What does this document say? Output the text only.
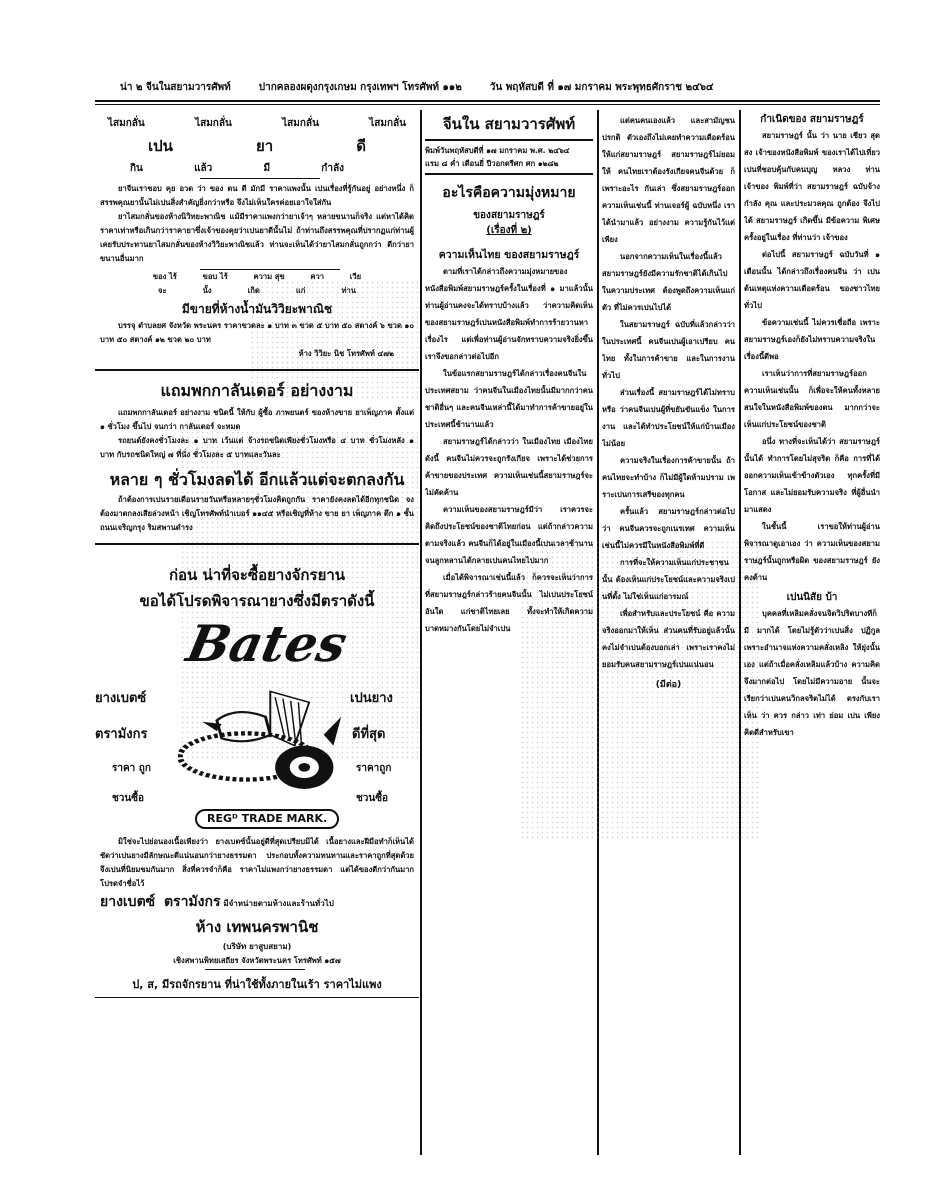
น่า ๒ จีนในสยามวารศัพท์	ปากคลองผดุงกรุงเกษม กรุงเทพฯ โทรศัพท์ ๑๑๒	วัน พฤหัสบดี ที่ ๑๗ มกราคม พระพุทธศักราช ๒๔๖๔
ไสมกลั่น	ไสมกลั่น	ไสมกลั่น	ไสมกลั่น
เปน	ยา	ดี
กิน	แล้ว	มี	กำลัง

ยาจีนเราชอบ คุย อวด ว่า ของ ตน ดี มักมี ราคาแพงนั้น เปนเรื่องที่รู้กันอยู่ อย่างหนึ่ง ก็สรรพคุณยานั้นไม่เปนสิ่งสำคัญยิ่งกว่าหรือ จึงไม่เห็นใครค่อยเอาใจใส่กัน

ยาไสมกลั่นของห้างนิวิทยะพาณิช แม้มีราคาแพงกว่ายาเจ้าๆ หลายขนานก็จริง แต่หาได้คิดราคาเท่าหรือเกินกว่าราคายาซึ่งเจ้าของคุยว่าเปนยาดีนั้นไม่ ถ้าท่านถึงสรรพคุณที่ปรากฏแก่ท่านผู้เคยรับประทานยาไสมกลั่นของห้างวิวิยะพาณิชแล้ว ท่านจะเห็นได้ว่ายาไสมกลั่นถูกกว่า ดีกว่ายาขนานอื่นมาก

ของ ไร้	ขอบ ไร้	ความ สุข	ควา	เวีย
จะ	นั้ง	เกิด	แก่	ท่าน
มีขายที่ห้างน้ำมันวิวิยะพาณิช
บรรจุ ตำบลยศ จังหวัด พระนคร ราคาขวดละ ๑ บาท ๓ ขวด ๕ บาท ๕๐ สตางค์ ๖ ขวด ๑๐ บาท ๕๐ สตางค์ ๑๒ ขวด ๒๐ บาท
ห้าง วิวิยะ นิช โทรศัพท์ ๔๗๒
แถมพกกาลันเดอร์ อย่างงาม

แถมพกกาลันเดอร์ อย่างงาม ชนิดนี้ ให้กับ ผู้ซื้อ ภาพยนตร์ ของห้างขาย ยาเพ็ญภาค ตั้งแต่ ๑ ชั่วโมง ขึ้นไป จนกว่า กาลันเดอร์ จะหมด

รถยนต์ยังคงชั่วโมงละ ๑ บาท เว้นแต่ จ้างรถชนิดเพียงชั่วโมงหรือ ๔ บาท ชั่วโมงหลัง ๑ บาท กับรถชนิดใหญ่ ๗ ที่นั่ง ชั่วโมงละ ๕ บาทและวันละ

หลาย ๆ ชั่วโมงลดได้ อีกแล้วแต่จะตกลงกัน
ถ้าต้องการเปนรายเดือนรายวันหรือหลายๆชั่วโมงคิดถูกกัน ราคายังคงลดได้อีกทุกชนิด จงต้องมาตกลงเสียล่วงหน้า เชิญโทรศัพท์นำเบอร์ ๑๑๔๕ หรือเชิญที่ห้าง ขาย ยา เพ็ญภาค ตึก ๑ ชั้น ถนนเจริญกรุง ริมสพานดำรง
ก่อน น่าที่จะซื้อยางจักรยาน
ขอได้โปรดพิจารณายางซึ่งมีตราดังนี้
Bates
ยางเบตซ์
ตรามังกร
ราคา ถูก
ชวนซื้อ
เปนยาง
ดีที่สุด
ราคาถูก
ชวนซื้อ
REGᴰ TRADE MARK.
มิใช่จะไปย่อนองเนื้อเพียงว่า ยางเบตซ์นั้นอยู่ดีที่สุดเปรียบมิได้ เนื้อยางและฝีมือทำก็เห็นได้ชัดว่าเปนยางมีลักษณะดีแน่นอนกว่ายางธรรมดา ประกอบทั้งความทนทานและราคาถูกที่สุดด้วย จึงเปนที่นิยมชมกันมาก สิ่งที่ควรจำก็คือ ราคาไม่แพงกว่ายางธรรมดา แต่ได้ของดีกว่ากันมาก โปรดจำชื่อไว้
ยางเบตซ์ ตรามังกร มีจำหน่ายตามห้างและร้านทั่วไป
ห้าง เทพนครพานิช
(บริษัท ยาสูบสยาม)
เชิงสพานพิทยเสถียร จังหวัดพระนคร โทรศัพท์ ๑๕๗
ป, ส, มีรถจักรยาน ที่น่าใช้ทั้งภายในเร้า ราคาไม่แพง
จีนใน สยามวารศัพท์
พิมพ์วันพฤหัสบดีที่ ๑๗ มกราคม พ.ศ. ๒๔๖๔
แรม ๘ ค่ำ เดือนยี่ ปีวอกตรีศก ศก ๑๒๘๒
อะไรคือความมุ่งหมาย
ของสยามราษฎร์
(เรื่องที่ ๒)
ความเห็นไทย ของสยามราษฎร์

ตามที่เราได้กล่าวถึงความมุ่งหมายของหนังสือพิมพ์สยามราษฎร์ครั้งในเรื่องที่ ๑ มาแล้วนั้น ท่านผู้อ่านคงจะได้ทราบบ้างแล้ว ว่าความคิดเห็นของสยามราษฎร์เปนหนังสือพิมพ์ทำการร้ายวานหาเรื่องไร แต่เพื่อท่านผู้อ่านจักทราบความจริงยิ่งขึ้น เราจึงขอกล่าวต่อไปอีก

ในข้อแรกสยามราษฎร์ได้กล่าวเรื่องคนจีนในประเทศสยาม ว่าคนจีนในเมืองไทยนั้นมีมากกว่าคนชาติอื่นๆ และคนจีนเหล่านี้ได้มาทำการค้าขายอยู่ในประเทศนี้ช้านานแล้ว

สยามราษฎร์ได้กล่าวว่า ในเมืองไทย เมืองไทย ดังนี้ คนจีนไม่ควรจะถูกรังเกียจ เพราะได้ช่วยการค้าขายของประเทศ ความเห็นเช่นนี้สยามราษฎร์จะไม่คัดค้าน

ความเห็นของสยามราษฎร์มีว่า เราควรจะคิดถึงประโยชน์ของชาติไทยก่อน แต่ถ้ากล่าวความตามจริงแล้ว คนจีนก็ได้อยู่ในเมืองนี้เปนเวลาช้านาน จนลูกหลานได้กลายเปนคนไทยไปมาก

เมื่อได้พิจารณาเช่นนี้แล้ว ก็ควรจะเห็นว่าการที่สยามราษฎร์กล่าวร้ายคนจีนนั้น ไม่เปนประโยชน์อันใด แก่ชาติไทยเลย ทั้งจะทำให้เกิดความบาดหมางกันโดยไม่จำเปน

แต่คนคนเองแล้ว และสามัญชนปรกติ ตัวเองถึงไม่เคยทำความเดือดร้อนให้แก่สยามราษฎร์ สยามราษฎร์ไม่ยอมให้ คนไทยเราต้องรังเกียจคนจีนด้วย ก็เพราะอะไร กันเล่า ซึ่งสยามราษฎร์ออกความเห็นเช่นนี้ ท่านเจอร์ผู้ ฉบับหนึ่ง เราได้นำมาแล้ว อย่างงาม ความรู้กันไว้แต่เพียง

นอกจากความเห็นในเรื่องนี้แล้ว สยามราษฎร์ยังมีความรักชาติได้เกินไป ในความประเทศ ต้องพูดถึงความเห็นแก่ตัว ที่ไม่ควรเปนไปได้

ในสยามราษฎร์ ฉบับที่แล้วกล่าวว่า ในประเทศนี้ คนจีนเปนผู้เอาเปรียบ คนไทย ทั้งในการค้าขาย และในการงานทั่วไป

ส่วนเรื่องนี้ สยามราษฎร์ได้ไม่ทราบหรือ ว่าคนจีนเปนผู้ที่ขยันขันแข็ง ในการงาน และได้ทำประโยชน์ให้แก่บ้านเมืองไม่น้อย

ความจริงในเรื่องการค้าขายนั้น ถ้าคนไทยจะทำบ้าง ก็ไม่มีผู้ใดห้ามปราม เพราะเปนการเสรีของทุกคน

ครั้นแล้ว สยามราษฎร์กล่าวต่อไปว่า คนจีนควรจะถูกเนรเทศ ความเห็นเช่นนี้ไม่ควรมีในหนังสือพิมพ์ที่ดี

การที่จะให้ความเห็นแก่ประชาชนนั้น ต้องเห็นแก่ประโยชน์และความจริงเปนที่ตั้ง ไม่ใช่เห็นแก่อารมณ์

เพื่อสำหรับและประโยชน์ คือ ความจริงออกมาให้เห็น ส่วนคนที่รับอยู่แล้วนั้น คงไม่จำเปนต้องบอกเล่า เพราะเราคงไม่ยอมรับคนสยามราษฎร์เปนแน่นอน

(มีต่อ)
กำเนิดของ สยามราษฎร์

สยามราษฎร์ นั้น ว่า นาย เชียว สุดสง เจ้าของหนังสือพิมพ์ ของเราได้ไปเที่ยวเปนที่ชอบคุ้นกับคนบุญ หลวง ท่าน เจ้าของ พิมพ์ที่ว่า สยามราษฎร์ ฉบับจ้าง กำลัง คุณ และประมวลคุณ ถูกต้อง จึงไปได้ สยามราษฎร์ เกิดขึ้น มีข้อความ พิเศษ ครั้งอยู่ในเรื่อง ที่ท่านว่า เจ้าของ

ต่อไปนี้ สยามราษฎร์ ฉบับวันที่ ๑ เดือนนั้น ได้กล่าวถึงเรื่องคนจีน ว่า เปนต้นเหตุแห่งความเดือดร้อน ของชาวไทยทั่วไป

ข้อความเช่นนี้ ไม่ควรเชื่อถือ เพราะสยามราษฎร์เองก็ยังไม่ทราบความจริงในเรื่องนี้ดีพอ

เราเห็นว่าการที่สยามราษฎร์ออกความเห็นเช่นนั้น ก็เพื่อจะให้คนทั้งหลายสนใจในหนังสือพิมพ์ของตน มากกว่าจะเห็นแก่ประโยชน์ของชาติ

อนึ่ง ทางที่จะเห็นได้ว่า สยามราษฎร์ นั้นได้ ทำการโดยไม่สุจริต ก็คือ การที่ได้ออกความเห็นเข้าข้างตัวเอง ทุกครั้งที่มีโอกาส และไม่ยอมรับความจริง ที่ผู้อื่นนำมาแสดง

ในชั้นนี้ เราขอให้ท่านผู้อ่านพิจารณาดูเอาเอง ว่า ความเห็นของสยามราษฎร์นั้นถูกหรือผิด ของสยามราษฎร์ ยังคงต้าน

เปนนิสัย บ้า

บุคคลที่เหลิมคลั่งจนจิตวิปริตบางทีก็มี มากได้ โดยไม่รู้ตัวว่าเปนสิ่ง ปฏิกูล เพราะอำนาจแห่งความคลั่งเหลิง ให้ยุ่งนั้นเอง แต่ถ้าเมื่อคลั่งเหลิมแล้วบ้าง ความคิดจึงมากต่อไป โดยไม่มีความอาย นั้นจะเรียกว่าเปนคนวิกลจริตไม่ได้ ตรงกับเรา เห็น ว่า ควร กล่าว เท่า ย่อม เปน เพียง คิดดีสำหรับเขา
